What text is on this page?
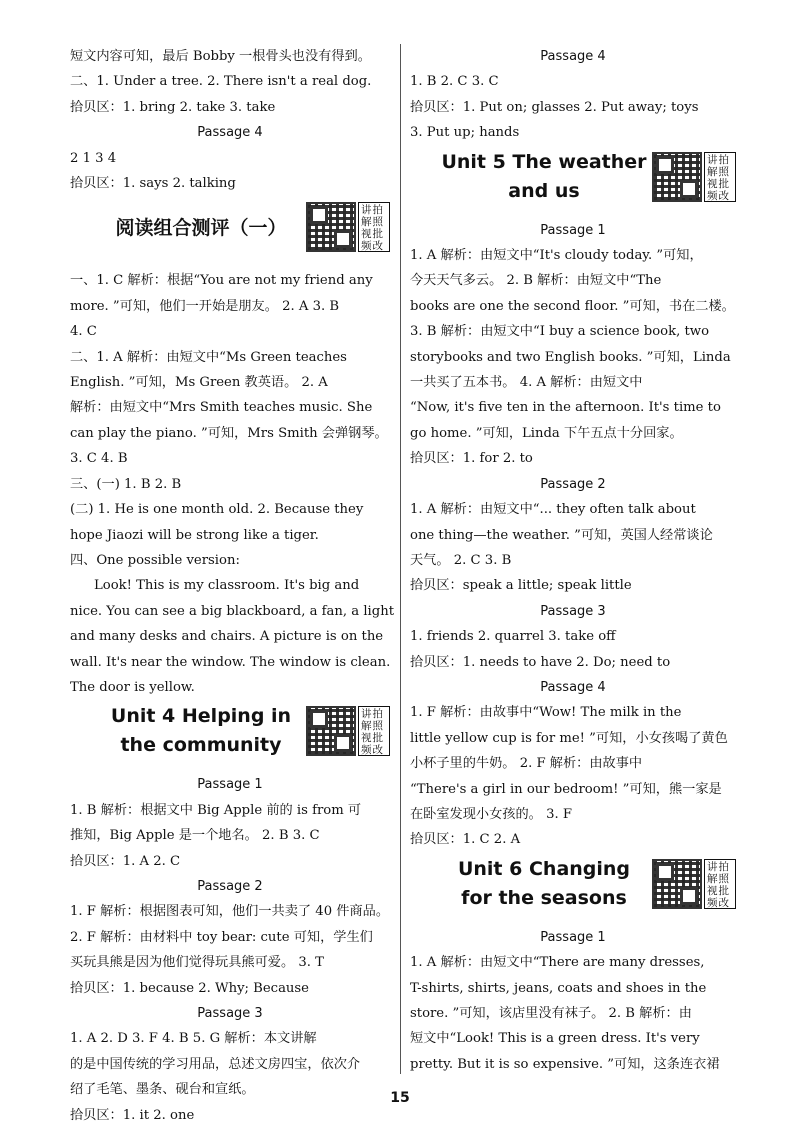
短文内容可知，最后 Bobby 一根骨头也没有得到。
二、1. Under a tree. 2. There isn't a real dog.
拾贝区：1. bring 2. take 3. take
Passage 4
2 1 3 4
拾贝区：1. says 2. talking
阅读组合测评（一）
讲拍解照视批频改
一、1. C 解析：根据“You are not my friend any
more. ”可知，他们一开始是朋友。 2. A 3. B
4. C
二、1. A 解析：由短文中“Ms Green teaches
English. ”可知，Ms Green 教英语。 2. A
解析：由短文中“Mrs Smith teaches music. She
can play the piano. ”可知，Mrs Smith 会弹钢琴。
3. C 4. B
三、(一) 1. B 2. B
(二) 1. He is one month old. 2. Because they
hope Jiaozi will be strong like a tiger.
四、One possible version:
Look! This is my classroom. It's big and
nice. You can see a big blackboard, a fan, a light
and many desks and chairs. A picture is on the
wall. It's near the window. The window is clean.
The door is yellow.
Unit 4 Helping in
the community
讲拍解照视批频改
Passage 1
1. B 解析：根据文中 Big Apple 前的 is from 可
推知，Big Apple 是一个地名。 2. B 3. C
拾贝区：1. A 2. C
Passage 2
1. F 解析：根据图表可知，他们一共卖了 40 件商品。
2. F 解析：由材料中 toy bear: cute 可知，学生们
买玩具熊是因为他们觉得玩具熊可爱。 3. T
拾贝区：1. because 2. Why; Because
Passage 3
1. A 2. D 3. F 4. B 5. G 解析：本文讲解
的是中国传统的学习用品，总述文房四宝，依次介
绍了毛笔、墨条、砚台和宣纸。
拾贝区：1. it 2. one
Passage 4
1. B 2. C 3. C
拾贝区：1. Put on; glasses 2. Put away; toys
3. Put up; hands
Unit 5 The weather
and us
讲拍解照视批频改
Passage 1
1. A 解析：由短文中“It's cloudy today. ”可知，
今天天气多云。 2. B 解析：由短文中“The
books are one the second floor. ”可知，书在二楼。
3. B 解析：由短文中“I buy a science book, two
storybooks and two English books. ”可知，Linda
一共买了五本书。 4. A 解析：由短文中
“Now, it's five ten in the afternoon. It's time to
go home. ”可知，Linda 下午五点十分回家。
拾贝区：1. for 2. to
Passage 2
1. A 解析：由短文中“... they often talk about
one thing—the weather. ”可知，英国人经常谈论
天气。 2. C 3. B
拾贝区：speak a little; speak little
Passage 3
1. friends 2. quarrel 3. take off
拾贝区：1. needs to have 2. Do; need to
Passage 4
1. F 解析：由故事中“Wow! The milk in the
little yellow cup is for me! ”可知，小女孩喝了黄色
小杯子里的牛奶。 2. F 解析：由故事中
“There's a girl in our bedroom! ”可知，熊一家是
在卧室发现小女孩的。 3. F
拾贝区：1. C 2. A
Unit 6 Changing
for the seasons
讲拍解照视批频改
Passage 1
1. A 解析：由短文中“There are many dresses,
T-shirts, shirts, jeans, coats and shoes in the
store. ”可知，该店里没有袜子。 2. B 解析：由
短文中“Look! This is a green dress. It's very
pretty. But it is so expensive. ”可知，这条连衣裙
15
